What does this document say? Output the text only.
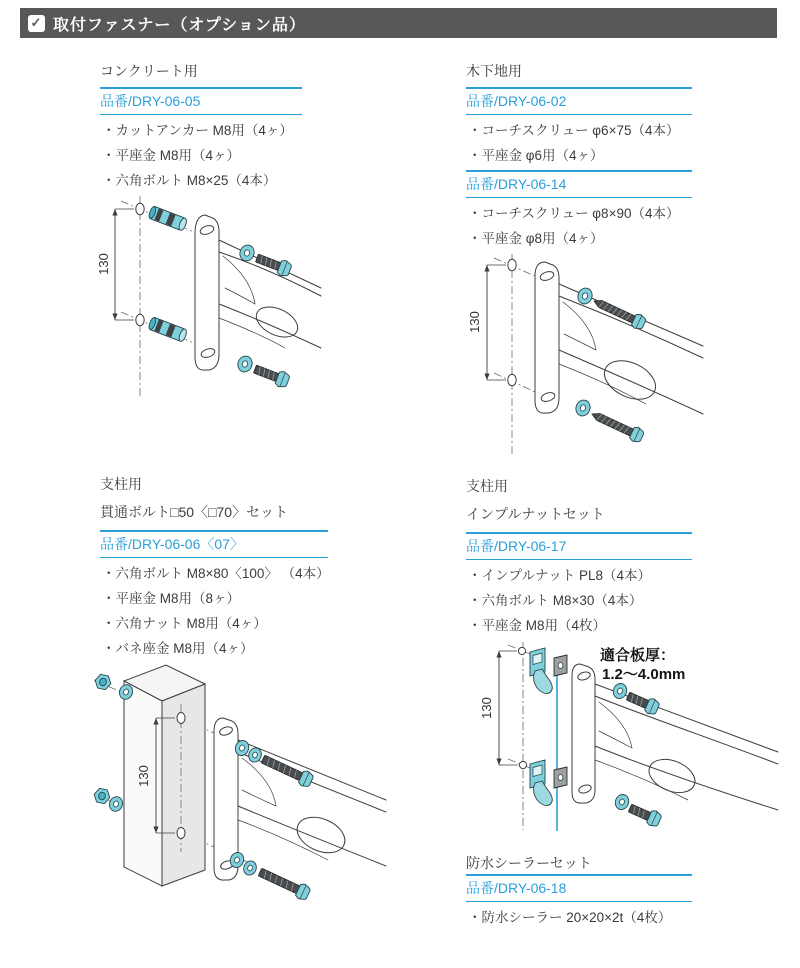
✓ 取付ファスナー（オプション品）
コンクリート用
品番/DRY-06-05
・カットアンカー M8用（4ヶ）
・平座金 M8用（4ヶ）
・六角ボルト M8×25（4本）
130
木下地用
品番/DRY-06-02
・コーチスクリュー φ6×75（4本）
・平座金 φ6用（4ヶ）
品番/DRY-06-14
・コーチスクリュー φ8×90（4本）
・平座金 φ8用（4ヶ）
130
支柱用
貫通ボルト□50〈□70〉セット
品番/DRY-06-06〈07〉
・六角ボルト M8×80〈100〉 （4本）
・平座金 M8用（8ヶ）
・六角ナット M8用（4ヶ）
・バネ座金 M8用（4ヶ）
130
支柱用
インプルナットセット
品番/DRY-06-17
・インプルナット PL8（4本）
・六角ボルト M8×30（4本）
・平座金 M8用（4枚）
130
適合板厚：
1.2〜4.0mm
防水シーラーセット
品番/DRY-06-18
・防水シーラー 20×20×2t（4枚）
